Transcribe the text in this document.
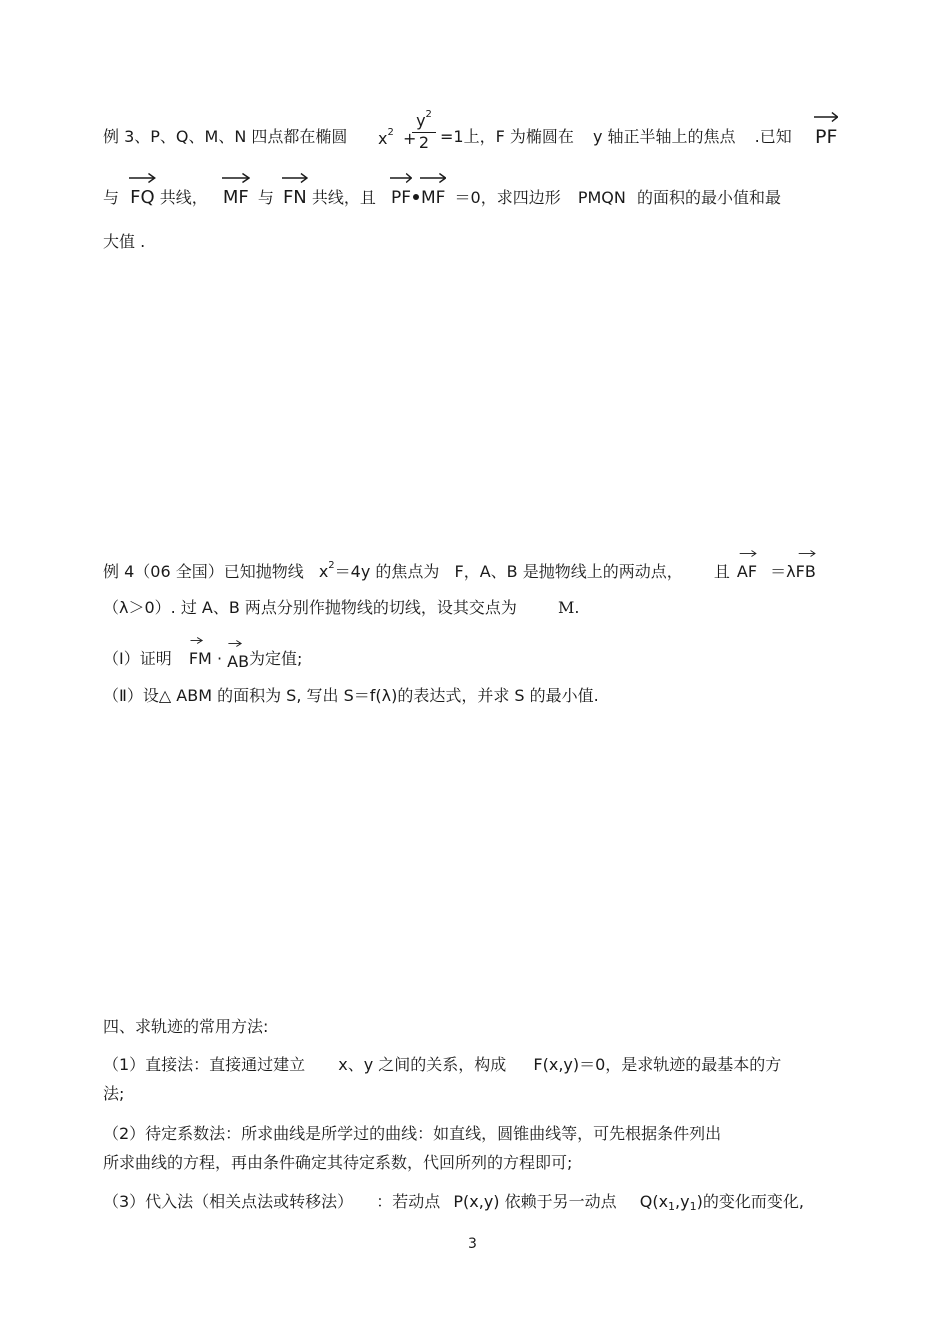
例 3、P、Q、M、N 四点都在椭圆 $x^2$ +
$y^2$
2 =1上，F 为椭圆在 y 轴正半轴上的焦点 .已知 PF
与 FQ 共线， MF 与 FN 共线，且 PF MF ＝0，求四边形 PMQN 的面积的最小值和最
大值 .
例 4（06 全国）已知抛物线 $x^2=4y$ 的焦点为 F，A、B 是抛物线上的两动点， 且 AF ＝λ
FB
（λ＞0）. 过 A、B 两点分别作抛物线的切线，设其交点为	M.
（Ⅰ）证明 FM · AB为定值;
（Ⅱ）设△ ABM 的面积为 S, 写出 S＝f(λ)的表达式，并求 S 的最小值.
四、求轨迹的常用方法:
（1）直接法：直接通过建立 x、y 之间的关系，构成 F(x,y)＝0，是求轨迹的最基本的方
法;
（2）待定系数法：所求曲线是所学过的曲线：如直线，圆锥曲线等，可先根据条件列出
所求曲线的方程，再由条件确定其待定系数，代回所列的方程即可;
（3）代入法（相关点法或转移法） ：若动点 P(x,y) 依赖于另一动点 $Q(x_1,y_1)$的变化而变化,
3
